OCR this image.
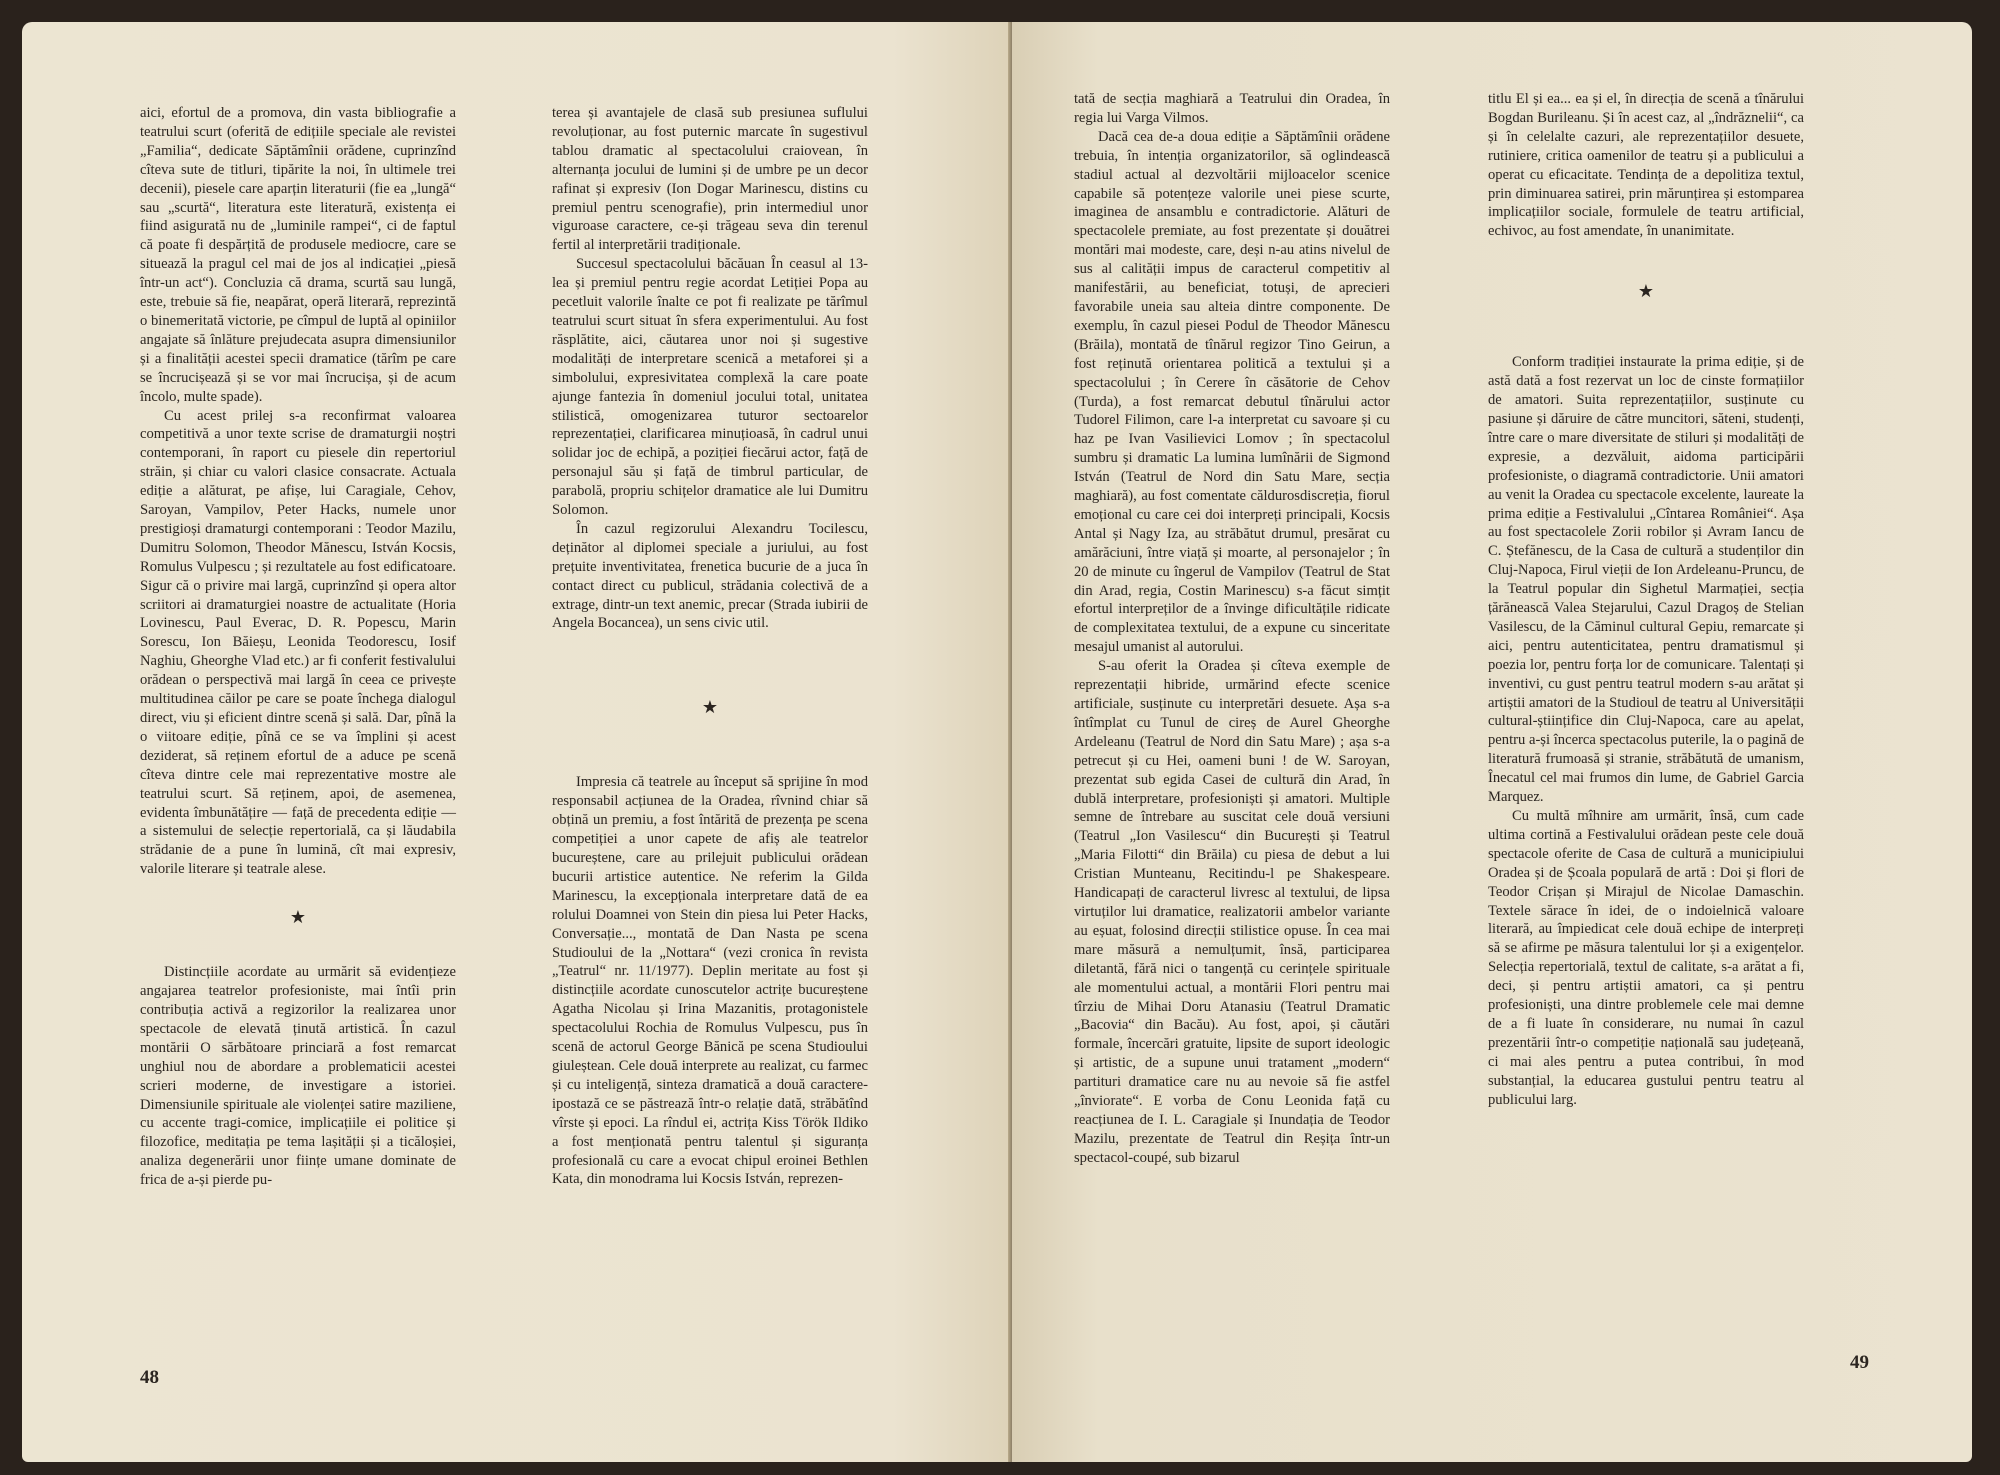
aici, efortul de a promova, din vasta bibliografie a teatrului scurt (oferită de edițiile speciale ale revistei „Familia“, dedicate Săptămînii orădene, cuprinzînd cîteva sute de titluri, tipărite la noi, în ultimele trei decenii), piesele care aparțin literaturii (fie ea „lungă“ sau „scurtă“, literatura este literatură, existența ei fiind asigurată nu de „luminile rampei“, ci de faptul că poate fi despărțită de produsele mediocre, care se situează la pragul cel mai de jos al indicației „piesă într-un act“). Concluzia că drama, scurtă sau lungă, este, trebuie să fie, neapărat, operă literară, reprezintă o binemeritată victorie, pe cîmpul de luptă al opiniilor angajate să înlăture prejudecata asupra dimensiunilor și a finalității acestei specii dramatice (tărîm pe care se încrucișează și se vor mai încrucișa, și de acum încolo, multe spade).

Cu acest prilej s-a reconfirmat valoarea competitivă a unor texte scrise de dramaturgii noștri contemporani, în raport cu piesele din repertoriul străin, și chiar cu valori clasice consacrate. Actuala ediție a alăturat, pe afișe, lui Caragiale, Cehov, Saroyan, Vampilov, Peter Hacks, numele unor prestigioși dramaturgi contemporani : Teodor Mazilu, Dumitru Solomon, Theodor Mănescu, István Kocsis, Romulus Vulpescu ; și rezultatele au fost edificatoare. Sigur că o privire mai largă, cuprinzînd și opera altor scriitori ai dramaturgiei noastre de actualitate (Horia Lovinescu, Paul Everac, D. R. Popescu, Marin Sorescu, Ion Băieșu, Leonida Teodorescu, Iosif Naghiu, Gheorghe Vlad etc.) ar fi conferit festivalului orădean o perspectivă mai largă în ceea ce privește multitudinea căilor pe care se poate închega dialogul direct, viu și eficient dintre scenă și sală. Dar, pînă la o viitoare ediție, pînă ce se va împlini și acest deziderat, să reținem efortul de a aduce pe scenă cîteva dintre cele mai reprezentative mostre ale teatrului scurt. Să reținem, apoi, de asemenea, evidenta îmbunătățire — față de precedenta ediție — a sistemului de selecție repertorială, ca și lăudabila strădanie de a pune în lumină, cît mai expresiv, valorile literare și teatrale alese.

★

Distincțiile acordate au urmărit să evidențieze angajarea teatrelor profesioniste, mai întîi prin contribuția activă a regizorilor la realizarea unor spectacole de elevată ținută artistică. În cazul montării O sărbătoare princiară a fost remarcat unghiul nou de abordare a problematicii acestei scrieri moderne, de investigare a istoriei. Dimensiunile spirituale ale violenței satire maziliene, cu accente tragi-comice, implicațiile ei politice și filozofice, meditația pe tema lașității și a ticăloșiei, analiza degenerării unor ființe umane dominate de frica de a-și pierde pu-

terea și avantajele de clasă sub presiunea suflului revoluționar, au fost puternic marcate în sugestivul tablou dramatic al spectacolului craiovean, în alternanța jocului de lumini și de umbre pe un decor rafinat și expresiv (Ion Dogar Marinescu, distins cu premiul pentru scenografie), prin intermediul unor viguroase caractere, ce-și trăgeau seva din terenul fertil al interpretării tradiționale.

Succesul spectacolului băcăuan În ceasul al 13-lea și premiul pentru regie acordat Letiției Popa au pecetluit valorile înalte ce pot fi realizate pe tărîmul teatrului scurt situat în sfera experimentului. Au fost răsplătite, aici, căutarea unor noi și sugestive modalități de interpretare scenică a metaforei și a simbolului, expresivitatea complexă la care poate ajunge fantezia în domeniul jocului total, unitatea stilistică, omogenizarea tuturor sectoarelor reprezentației, clarificarea minuțioasă, în cadrul unui solidar joc de echipă, a poziției fiecărui actor, față de personajul său și față de timbrul particular, de parabolă, propriu schițelor dramatice ale lui Dumitru Solomon.

În cazul regizorului Alexandru Tocilescu, deținător al diplomei speciale a juriului, au fost prețuite inventivitatea, frenetica bucurie de a juca în contact direct cu publicul, strădania colectivă de a extrage, dintr-un text anemic, precar (Strada iubirii de Angela Bocancea), un sens civic util.

★

Impresia că teatrele au început să sprijine în mod responsabil acțiunea de la Oradea, rîvnind chiar să obțină un premiu, a fost întărită de prezența pe scena competiției a unor capete de afiș ale teatrelor bucureștene, care au prilejuit publicului orădean bucurii artistice autentice. Ne referim la Gilda Marinescu, la excepționala interpretare dată de ea rolului Doamnei von Stein din piesa lui Peter Hacks, Conversație..., montată de Dan Nasta pe scena Studioului de la „Nottara“ (vezi cronica în revista „Teatrul“ nr. 11/1977). Deplin meritate au fost și distincțiile acordate cunoscutelor actrițe bucureștene Agatha Nicolau și Irina Mazanitis, protagonistele spectacolului Rochia de Romulus Vulpescu, pus în scenă de actorul George Bănică pe scena Studioului giuleștean. Cele două interprete au realizat, cu farmec și cu inteligență, sinteza dramatică a două caractere-ipostază ce se păstrează într-o relație dată, străbătînd vîrste și epoci. La rîndul ei, actrița Kiss Török Ildiko a fost menționată pentru talentul și siguranța profesională cu care a evocat chipul eroinei Bethlen Kata, din monodrama lui Kocsis István, reprezen-

48

tată de secția maghiară a Teatrului din Oradea, în regia lui Varga Vilmos.

Dacă cea de-a doua ediție a Săptămînii orădene trebuia, în intenția organizatorilor, să oglindească stadiul actual al dezvoltării mijloacelor scenice capabile să potențeze valorile unei piese scurte, imaginea de ansamblu e contradictorie. Alături de spectacolele premiate, au fost prezentate și douătrei montări mai modeste, care, deși n-au atins nivelul de sus al calității impus de caracterul competitiv al manifestării, au beneficiat, totuși, de aprecieri favorabile uneia sau alteia dintre componente. De exemplu, în cazul piesei Podul de Theodor Mănescu (Brăila), montată de tînărul regizor Tino Geirun, a fost reținută orientarea politică a textului și a spectacolului ; în Cerere în căsătorie de Cehov (Turda), a fost remarcat debutul tînărului actor Tudorel Filimon, care l-a interpretat cu savoare și cu haz pe Ivan Vasilievici Lomov ; în spectacolul sumbru și dramatic La lumina lumînării de Sigmond István (Teatrul de Nord din Satu Mare, secția maghiară), au fost comentate căldurosdiscreția, fiorul emoțional cu care cei doi interpreți principali, Kocsis Antal și Nagy Iza, au străbătut drumul, presărat cu amărăciuni, între viață și moarte, al personajelor ; în 20 de minute cu îngerul de Vampilov (Teatrul de Stat din Arad, regia, Costin Marinescu) s-a făcut simțit efortul interpreților de a învinge dificultățile ridicate de complexitatea textului, de a expune cu sinceritate mesajul umanist al autorului.

S-au oferit la Oradea și cîteva exemple de reprezentații hibride, urmărind efecte scenice artificiale, susținute cu interpretări desuete. Așa s-a întîmplat cu Tunul de cireș de Aurel Gheorghe Ardeleanu (Teatrul de Nord din Satu Mare) ; așa s-a petrecut și cu Hei, oameni buni ! de W. Saroyan, prezentat sub egida Casei de cultură din Arad, în dublă interpretare, profesioniști și amatori. Multiple semne de întrebare au suscitat cele două versiuni (Teatrul „Ion Vasilescu“ din București și Teatrul „Maria Filotti“ din Brăila) cu piesa de debut a lui Cristian Munteanu, Recitindu-l pe Shakespeare. Handicapați de caracterul livresc al textului, de lipsa virtuților lui dramatice, realizatorii ambelor variante au eșuat, folosind direcții stilistice opuse. În cea mai mare măsură a nemulțumit, însă, participarea diletantă, fără nici o tangență cu cerințele spirituale ale momentului actual, a montării Flori pentru mai tîrziu de Mihai Doru Atanasiu (Teatrul Dramatic „Bacovia“ din Bacău). Au fost, apoi, și căutări formale, încercări gratuite, lipsite de suport ideologic și artistic, de a supune unui tratament „modern“ partituri dramatice care nu au nevoie să fie astfel „înviorate“. E vorba de Conu Leonida față cu reacțiunea de I. L. Caragiale și Inundația de Teodor Mazilu, prezentate de Teatrul din Reșița într-un spectacol-coupé, sub bizarul

titlu El și ea... ea și el, în direcția de scenă a tînărului Bogdan Burileanu. Și în acest caz, al „îndrăznelii“, ca și în celelalte cazuri, ale reprezentațiilor desuete, rutiniere, critica oamenilor de teatru și a publicului a operat cu eficacitate. Tendința de a depolitiza textul, prin diminuarea satirei, prin mărunțirea și estomparea implicațiilor sociale, formulele de teatru artificial, echivoc, au fost amendate, în unanimitate.

★

Conform tradiției instaurate la prima ediție, și de astă dată a fost rezervat un loc de cinste formațiilor de amatori. Suita reprezentațiilor, susținute cu pasiune și dăruire de către muncitori, săteni, studenți, între care o mare diversitate de stiluri și modalități de expresie, a dezvăluit, aidoma participării profesioniste, o diagramă contradictorie. Unii amatori au venit la Oradea cu spectacole excelente, laureate la prima ediție a Festivalului „Cîntarea României“. Așa au fost spectacolele Zorii robilor și Avram Iancu de C. Ștefănescu, de la Casa de cultură a studenților din Cluj-Napoca, Firul vieții de Ion Ardeleanu-Pruncu, de la Teatrul popular din Sighetul Marmației, secția țărănească Valea Stejarului, Cazul Dragoș de Stelian Vasilescu, de la Căminul cultural Gepiu, remarcate și aici, pentru autenticitatea, pentru dramatismul și poezia lor, pentru forța lor de comunicare. Talentați și inventivi, cu gust pentru teatrul modern s-au arătat și artiștii amatori de la Studioul de teatru al Universității cultural-științifice din Cluj-Napoca, care au apelat, pentru a-și încerca spectacolus puterile, la o pagină de literatură frumoasă și stranie, străbătută de umanism, Înecatul cel mai frumos din lume, de Gabriel Garcia Marquez.

Cu multă mîhnire am urmărit, însă, cum cade ultima cortină a Festivalului orădean peste cele două spectacole oferite de Casa de cultură a municipiului Oradea și de Școala populară de artă : Doi și flori de Teodor Crișan și Mirajul de Nicolae Damaschin. Textele sărace în idei, de o indoielnică valoare literară, au împiedicat cele două echipe de interpreți să se afirme pe măsura talentului lor și a exigențelor. Selecția repertorială, textul de calitate, s-a arătat a fi, deci, și pentru artiștii amatori, ca și pentru profesioniști, una dintre problemele cele mai demne de a fi luate în considerare, nu numai în cazul prezentării într-o competiție națională sau județeană, ci mai ales pentru a putea contribui, în mod substanțial, la educarea gustului pentru teatru al publicului larg.

49
